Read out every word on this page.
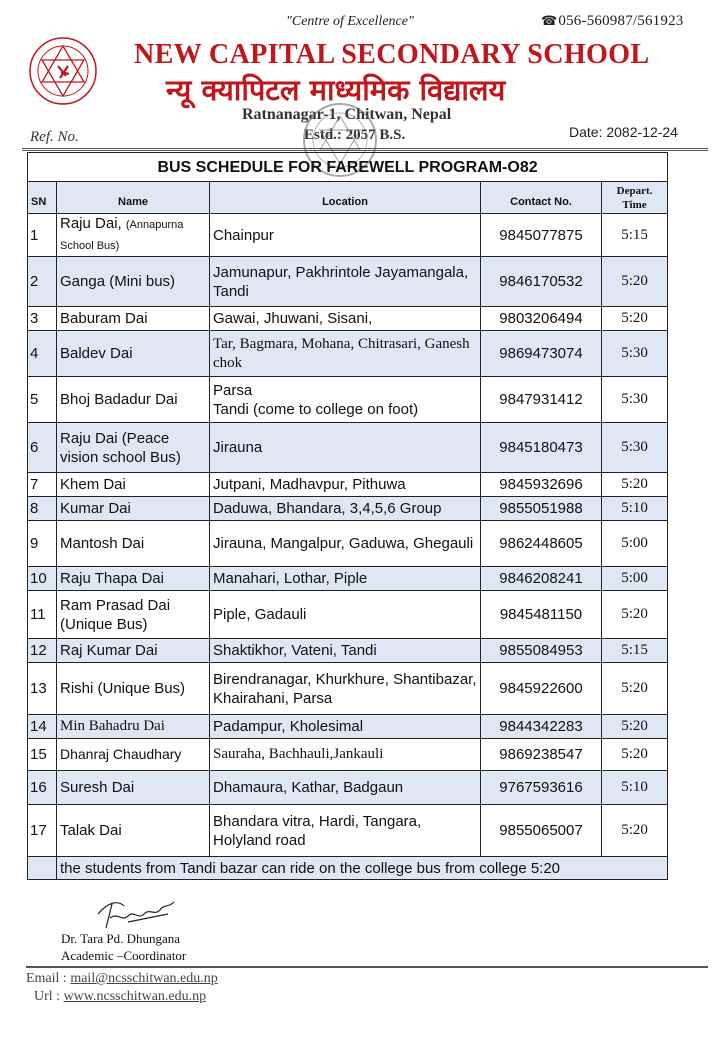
"Centre of Excellence"	☎056-560987/561923
NEW CAPITAL SECONDARY SCHOOL
न्यू क्यापिटल माध्यमिक विद्यालय
Ratnanagar-1, Chitwan, Nepal
Estd.: 2057 B.S.
Ref. No.	Date: 2082-12-24
BUS SCHEDULE FOR FAREWELL PROGRAM-O82				
SN	Name	Location	Contact No.	Depart.
Time
1	Raju Dai, (Annapurna School Bus)	Chainpur	9845077875	5:15
2	Ganga (Mini bus)	Jamunapur, Pakhrintole Jayamangala, Tandi	9846170532	5:20
3	Baburam Dai	Gawai, Jhuwani, Sisani,	9803206494	5:20
4	Baldev Dai	Tar, Bagmara, Mohana, Chitrasari, Ganesh chok	9869473074	5:30
5	Bhoj Badadur Dai	Parsa
Tandi (come to college on foot)	9847931412	5:30
6	Raju Dai (Peace vision school Bus)	Jirauna	9845180473	5:30
7	Khem Dai	Jutpani, Madhavpur, Pithuwa	9845932696	5:20
8	Kumar Dai	Daduwa, Bhandara, 3,4,5,6 Group	9855051988	5:10
9	Mantosh Dai	Jirauna, Mangalpur, Gaduwa, Ghegauli	9862448605	5:00
10	Raju Thapa Dai	Manahari, Lothar, Piple	9846208241	5:00
11	Ram Prasad Dai (Unique Bus)	Piple, Gadauli	9845481150	5:20
12	Raj Kumar Dai	Shaktikhor, Vateni, Tandi	9855084953	5:15
13	Rishi (Unique Bus)	Birendranagar, Khurkhure, Shantibazar, Khairahani, Parsa	9845922600	5:20
14	Min Bahadru Dai	Padampur, Kholesimal	9844342283	5:20
15	Dhanraj Chaudhary	Sauraha, Bachhauli,Jankauli	9869238547	5:20
16	Suresh Dai	Dhamaura, Kathar, Badgaun	9767593616	5:10
17	Talak Dai	Bhandara vitra, Hardi, Tangara, Holyland road	9855065007	5:20
	the students from Tandi bazar can ride on the college bus from college 5:20			
Dr. Tara Pd. Dhungana
Academic –Coordinator
Email : mail@ncsschitwan.edu.np
Url : www.ncsschitwan.edu.np
